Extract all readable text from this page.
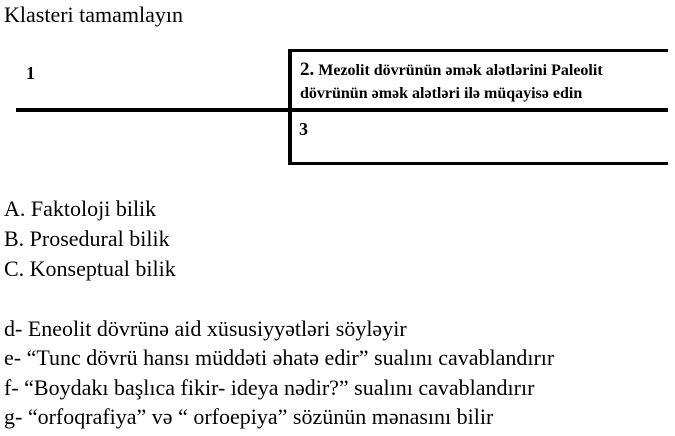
Klasteri tamamlayın
1	2. Mezolit dövrünün əmək alətlərini Paleolit dövrünün əmək alətləri ilə müqayisə edin
3
A. Faktoloji bilik
B. Prosedural bilik
C. Konseptual bilik
d- Eneolit dövrünə aid xüsusiyyətləri söyləyir
e- “Tunc dövrü hansı müddəti əhatə edir” sualını cavablandırır
f- “Boydakı başlıca fikir- ideya nədir?” sualını cavablandırır
g- “orfoqrafiya” və “ orfoepiya” sözünün mənasını bilir
